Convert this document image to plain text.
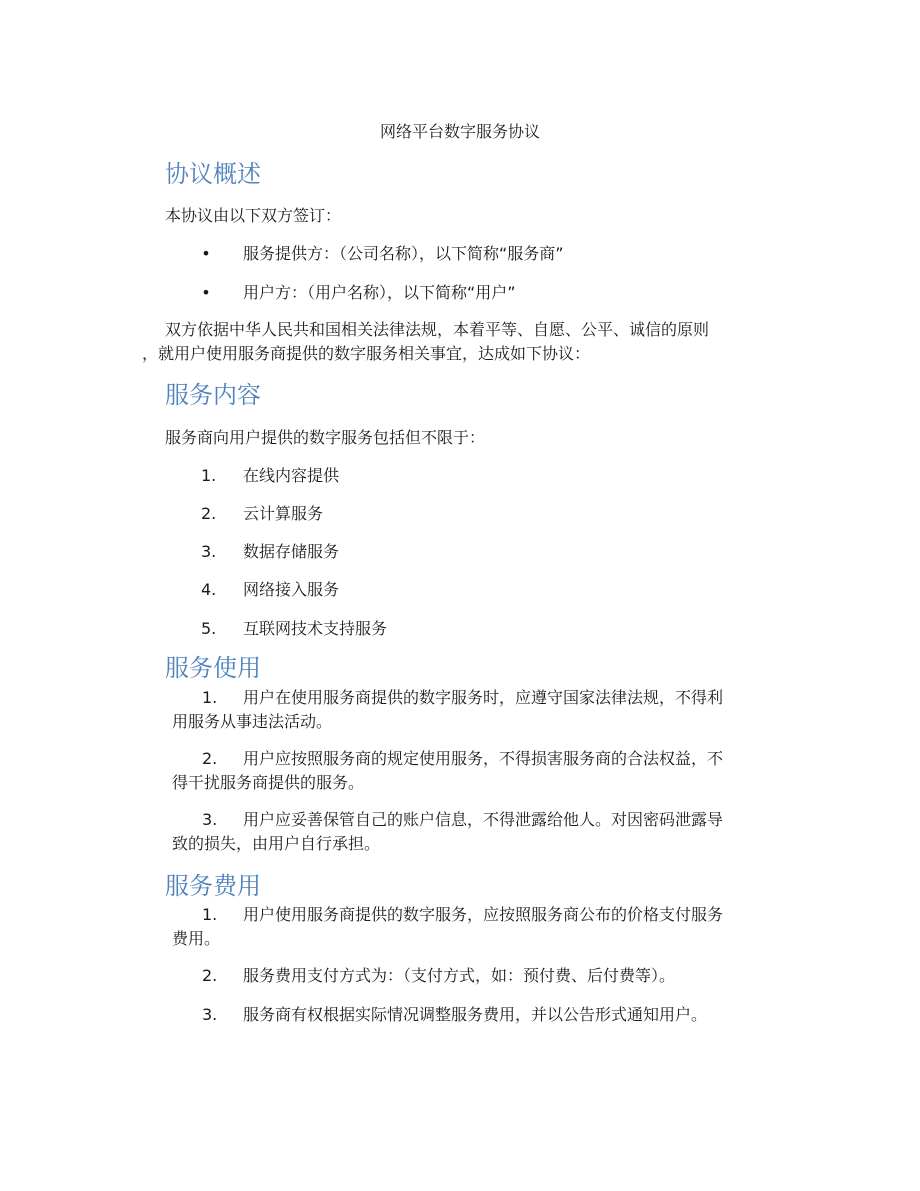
网络平台数字服务协议
协议概述
本协议由以下双方签订：
• 服务提供方：（公司名称），以下简称“服务商”
• 用户方：（用户名称），以下简称“用户”
双方依据中华人民共和国相关法律法规，本着平等、自愿、公平、诚信的原则
，就用户使用服务商提供的数字服务相关事宜，达成如下协议：
服务内容
服务商向用户提供的数字服务包括但不限于：
1.	在线内容提供
2.	云计算服务
3.	数据存储服务
4.	网络接入服务
5.	互联网技术支持服务
服务使用
1. 用户在使用服务商提供的数字服务时，应遵守国家法律法规，不得利
用服务从事违法活动。
2. 用户应按照服务商的规定使用服务，不得损害服务商的合法权益，不
得干扰服务商提供的服务。
3. 用户应妥善保管自己的账户信息，不得泄露给他人。对因密码泄露导
致的损失，由用户自行承担。
服务费用
1. 用户使用服务商提供的数字服务，应按照服务商公布的价格支付服务
费用。
2. 服务费用支付方式为：（支付方式，如：预付费、后付费等）。
3. 服务商有权根据实际情况调整服务费用，并以公告形式通知用户。
